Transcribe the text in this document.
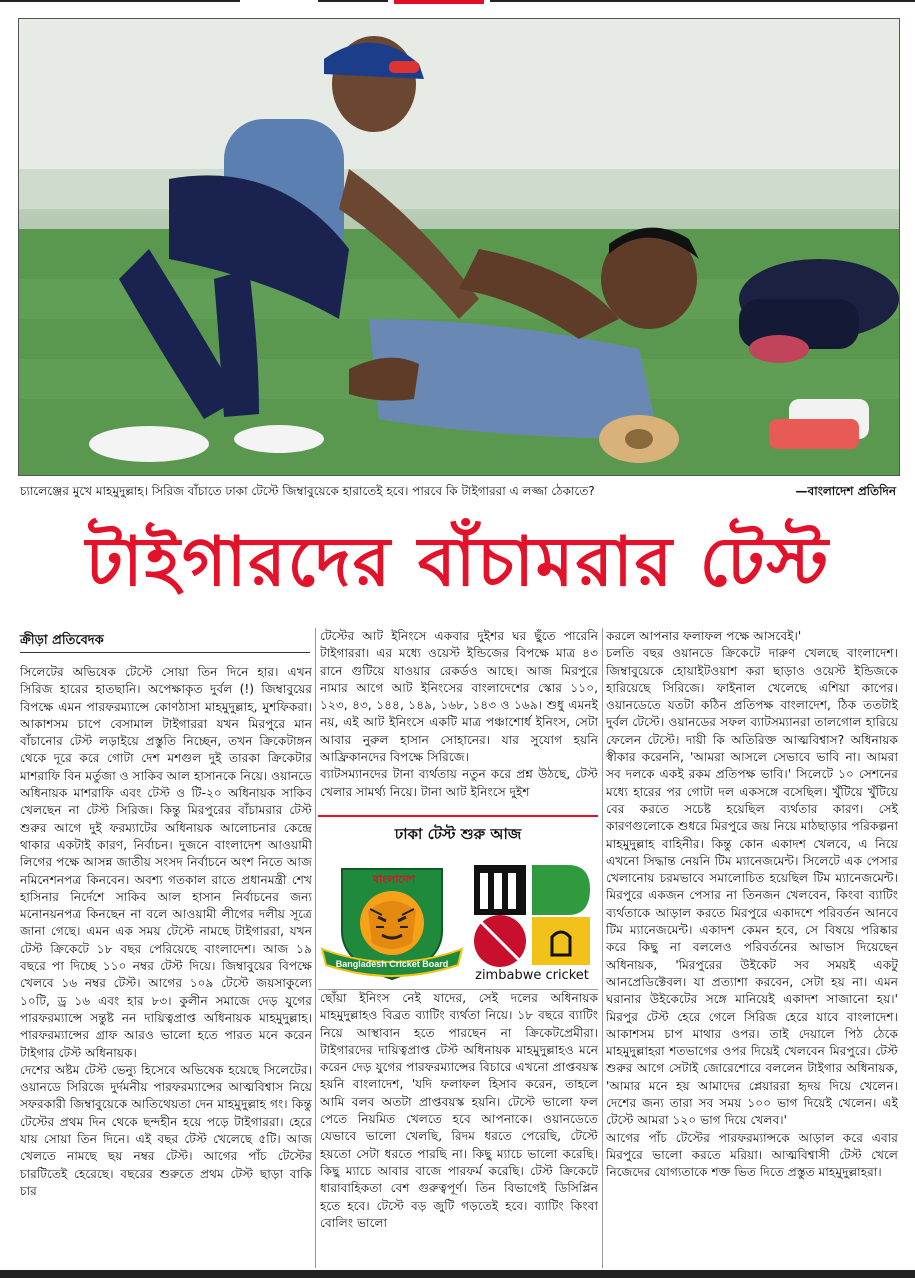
চ্যালেঞ্জের মুখে মাহমুদুল্লাহ। সিরিজ বাঁচাতে ঢাকা টেস্টে জিম্বাবুয়েকে হারাতেই হবে। পারবে কি টাইগাররা এ লজ্জা ঠেকাতে?	—বাংলাদেশ প্রতিদিন
টাইগারদের বাঁচামরার টেস্ট
ক্রীড়া প্রতিবেদক

সিলেটের অভিষেক টেস্টে সোয়া তিন দিনে হার। এখন সিরিজ হারের হাতছানি। অপেক্ষাকৃত দুর্বল (!) জিম্বাবুয়ের বিপক্ষে এমন পারফরম্যান্সে কোণঠাসা মাহমুদুল্লাহ, মুশফিকরা। আকাশসম চাপে বেসামাল টাইগাররা যখন মিরপুরে মান বাঁচানোর টেস্ট লড়াইয়ে প্রস্তুতি নিচ্ছেন, তখন ক্রিকেটাঙ্গন থেকে দূরে করে গোটা দেশ মশগুল দুই তারকা ক্রিকেটার মাশরাফি বিন মর্তুজা ও সাকিব আল হাসানকে নিয়ে। ওয়ানডে অধিনায়ক মাশরাফি এবং টেস্ট ও টি-২০ অধিনায়ক সাকিব খেলছেন না টেস্ট সিরিজ। কিন্তু মিরপুরের বাঁচামরার টেস্ট শুরুর আগে দুই ফরম্যাটের অধিনায়ক আলোচনার কেন্দ্রে থাকার একটাই কারণ, নির্বাচন। দুজনে বাংলাদেশ আওয়ামী লিগের পক্ষে আসন্ন জাতীয় সংসদ নির্বাচনে অংশ নিতে আজ নমিনেশনপত্র কিনবেন। অবশ্য গতকাল রাতে প্রধানমন্ত্রী শেখ হাসিনার নির্দেশে সাকিব আল হাসান নির্বাচনের জন্য মনোনয়নপত্র কিনছেন না বলে আওয়ামী লীগের দলীয় সূত্রে জানা গেছে। এমন এক সময় টেস্টে নামছে টাইগাররা, যখন টেস্ট ক্রিকেটে ১৮ বছর পেরিয়েছে বাংলাদেশ। আজ ১৯ বছরে পা দিচ্ছে ১১০ নম্বর টেস্ট দিয়ে। জিম্বাবুয়ের বিপক্ষে খেলবে ১৬ নম্বর টেস্ট। আগের ১০৯ টেস্টে জয়সাকুল্যে ১০টি, ড্র ১৬ এবং হার ৮৩। কুলীন সমাজে দেড় যুগের পারফরম্যান্সে সন্তুষ্ট নন দায়িত্বপ্রাপ্ত অধিনায়ক মাহমুদুল্লাহ। পারফরম্যান্সের গ্রাফ আরও ভালো হতে পারত মনে করেন টাইগার টেস্ট অধিনায়ক।

দেশের অষ্টম টেস্ট ভেন্যু হিসেবে অভিষেক হয়েছে সিলেটের। ওয়ানডে সিরিজে দুর্দমনীয় পারফরম্যান্সের আত্মবিশ্বাস নিয়ে সফরকারী জিম্বাবুয়েকে আতিথেয়তা দেন মাহমুদুল্লাহ গং। কিন্তু টেস্টের প্রথম দিন থেকে ছন্দহীন হয়ে পড়ে টাইগাররা। হেরে যায় সোয়া তিন দিনে। এই বছর টেস্ট খেলেছে ৫টি। আজ খেলতে নামছে ছয় নম্বর টেস্ট। আগের পাঁচ টেস্টের চারটিতেই হেরেছে। বছরের শুরুতে প্রথম টেস্ট ছাড়া বাকি চার

টেস্টের আট ইনিংসে একবার দুইশর ঘর ছুঁতে পারেনি টাইগাররা। এর মধ্যে ওয়েস্ট ইন্ডিজের বিপক্ষে মাত্র ৪৩ রানে গুটিয়ে যাওয়ার রেকর্ডও আছে। আজ মিরপুরে নামার আগে আট ইনিংসের বাংলাদেশের স্কোর ১১০, ১২৩, ৪৩, ১৪৪, ১৪৯, ১৬৮, ১৪৩ ও ১৬৯। শুধু এমনই নয়, এই আট ইনিংসে একটি মাত্র পঞ্চাশোর্ধ ইনিংস, সেটা আবার নুরুল হাসান সোহানের। যার সুযোগ হয়নি আফ্রিকানদের বিপক্ষে সিরিজে।

ব্যাটসম্যানদের টানা ব্যর্থতায় নতুন করে প্রশ্ন উঠছে, টেস্ট খেলার সামর্থ্য নিয়ে। টানা আট ইনিংসে দুইশ

ঢাকা টেস্ট শুরু আজ
Bangladesh Cricket Board
বাংলাদেশ
zimbabwe cricket

ছোঁয়া ইনিংস নেই যাদের, সেই দলের অধিনায়ক মাহমুদুল্লাহও বিব্রত ব্যাটিং ব্যর্থতা নিয়ে। ১৮ বছরে ব্যাটিং নিয়ে আস্থাবান হতে পারছেন না ক্রিকেটপ্রেমীরা। টাইগারদের দায়িত্বপ্রাপ্ত টেস্ট অধিনায়ক মাহমুদুল্লাহও মনে করেন দেড় যুগের পারফরম্যান্সের বিচারে এখনো প্রাপ্তবয়স্ক হয়নি বাংলাদেশ, 'যদি ফলাফল হিসাব করেন, তাহলে আমি বলব অতটা প্রাপ্তবয়স্ক হয়নি। টেস্টে ভালো ফল পেতে নিয়মিত খেলতে হবে আপনাকে। ওয়ানডেতে যেভাবে ভালো খেলছি, রিদম ধরতে পেরেছি, টেস্টে হয়তো সেটা ধরতে পারছি না। কিছু ম্যাচে ভালো করেছি। কিছু ম্যাচে আবার বাজে পারফর্ম করেছি। টেস্ট ক্রিকেটে ধারাবাহিকতা বেশ গুরুত্বপূর্ণ। তিন বিভাগেই ডিসিপ্লিন হতে হবে। টেস্টে বড় জুটি গড়তেই হবে। ব্যাটিং কিংবা বোলিং ভালো

করলে আপনার ফলাফল পক্ষে আসবেই।'

চলতি বছর ওয়ানডে ক্রিকেটে দারুণ খেলছে বাংলাদেশ। জিম্বাবুয়েকে হোয়াইটওয়াশ করা ছাড়াও ওয়েস্ট ইন্ডিজকে হারিয়েছে সিরিজে। ফাইনাল খেলেছে এশিয়া কাপের। ওয়ানডেতে যতটা কঠিন প্রতিপক্ষ বাংলাদেশ, ঠিক ততটাই দুর্বল টেস্টে। ওয়ানডের সফল ব্যাটসম্যানরা তালগোল হারিয়ে ফেলেন টেস্টে। দায়ী কি অতিরিক্ত আত্মবিশ্বাস? অধিনায়ক স্বীকার করেননি, 'আমরা আসলে সেভাবে ভাবি না। আমরা সব দলকে একই রকম প্রতিপক্ষ ভাবি।' সিলেটে ১০ সেশনের মধ্যে হারের পর গোটা দল একসঙ্গে বসেছিল। খুঁটিয়ে খুঁটিয়ে বের করতে সচেষ্ট হয়েছিল ব্যর্থতার কারণ। সেই কারণগুলোকে শুধরে মিরপুরে জয় নিয়ে মাঠছাড়ার পরিকল্পনা মাহমুদুল্লাহ বাহিনীর। কিন্তু কোন একাদশ খেলবে, এ নিয়ে এখনো সিদ্ধান্ত নেয়নি টিম ম্যানেজমেন্ট। সিলেটে এক পেসার খেলানোয় চরমভাবে সমালোচিত হয়েছিল টিম ম্যানেজমেন্ট। মিরপুরে একজন পেসার না তিনজন খেলবেন, কিংবা ব্যাটিং ব্যর্থতাকে আড়াল করতে মিরপুরে একাদশে পরিবর্তন আনবে টিম ম্যানেজমেন্ট। একাদশ কেমন হবে, সে বিষয়ে পরিষ্কার করে কিছু না বললেও পরিবর্তনের আভাস দিয়েছেন অধিনায়ক, 'মিরপুরের উইকেট সব সময়ই একটু আনপ্রেডিক্টেবল। যা প্রত্যাশা করবেন, সেটা হয় না। এমন ঘরানার উইকেটের সঙ্গে মানিয়েই একাদশ সাজানো হয়।' মিরপুর টেস্ট হেরে গেলে সিরিজ হেরে যাবে বাংলাদেশ। আকাশসম চাপ মাথার ওপর। তাই দেয়ালে পিঠ ঠেকে মাহমুদুল্লাহরা শতভাগের ওপর দিয়েই খেলবেন মিরপুরে। টেস্ট শুরুর আগে সেটাই জোরেশোরে বললেন টাইগার অধিনায়ক, 'আমার মনে হয় আমাদের প্লেয়াররা হৃদয় দিয়ে খেলেন। দেশের জন্য তারা সব সময় ১০০ ভাগ দিয়েই খেলেন। এই টেস্টে আমরা ১২০ ভাগ দিয়ে খেলব।'

আগের পাঁচ টেস্টের পারফরম্যান্সকে আড়াল করে এবার মিরপুরে ভালো করতে মরিয়া। আত্মবিশ্বাসী টেস্ট খেলে নিজেদের যোগ্যতাকে শক্ত ভিত দিতে প্রস্তুত মাহমুদুল্লাহরা।
